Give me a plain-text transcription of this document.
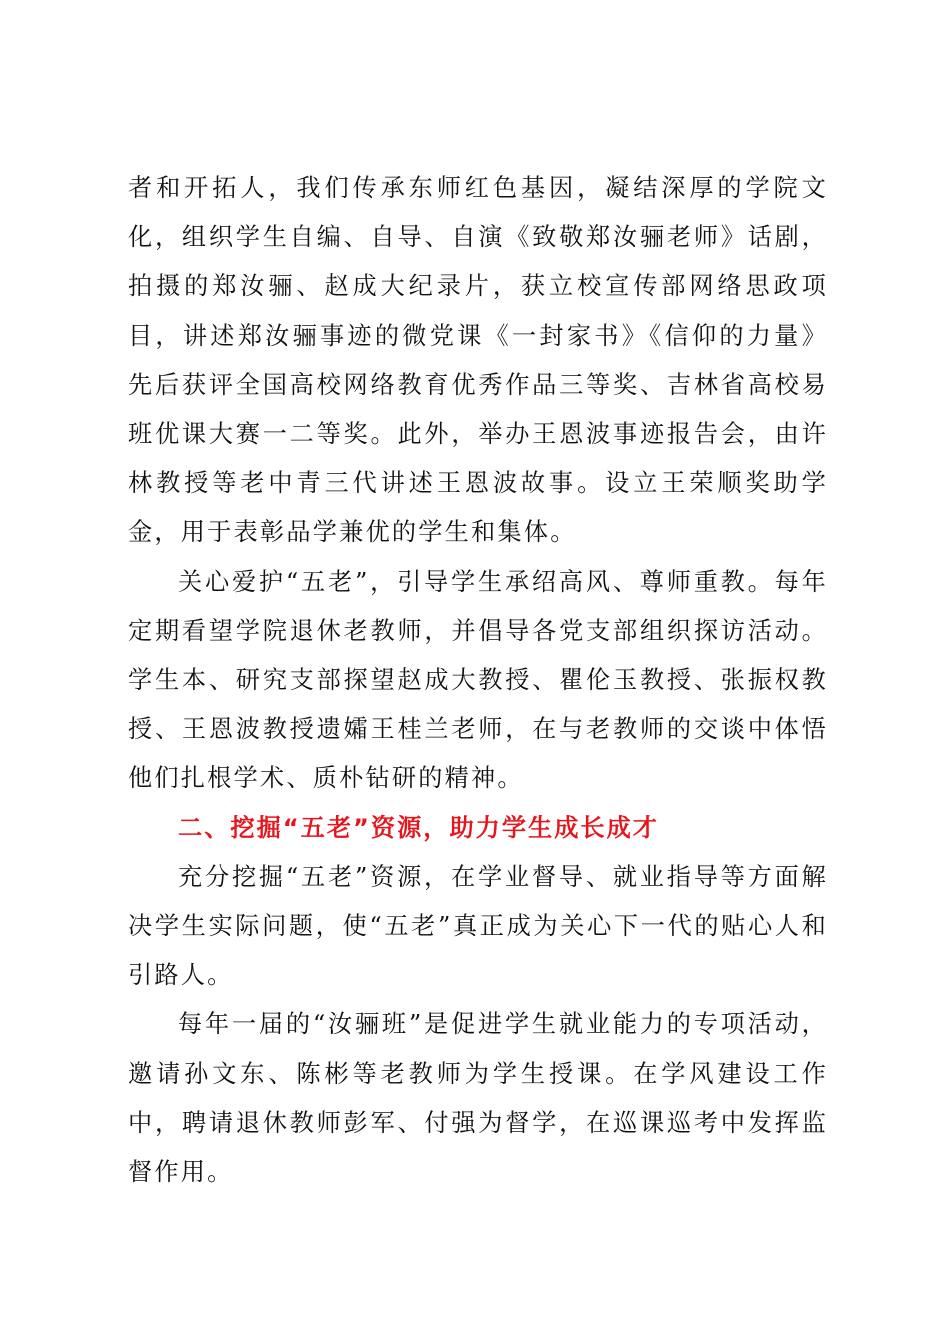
者和开拓人，我们传承东师红色基因，凝结深厚的学院文化，组织学生自编、自导、自演《致敬郑汝骊老师》话剧，拍摄的郑汝骊、赵成大纪录片，获立校宣传部网络思政项目，讲述郑汝骊事迹的微党课《一封家书》《信仰的力量》先后获评全国高校网络教育优秀作品三等奖、吉林省高校易班优课大赛一二等奖。此外，举办王恩波事迹报告会，由许林教授等老中青三代讲述王恩波故事。设立王荣顺奖助学金，用于表彰品学兼优的学生和集体。

关心爱护“五老”，引导学生承绍高风、尊师重教。每年定期看望学院退休老教师，并倡导各党支部组织探访活动。学生本、研究支部探望赵成大教授、瞿伦玉教授、张振权教授、王恩波教授遗孀王桂兰老师，在与老教师的交谈中体悟他们扎根学术、质朴钻研的精神。

二、挖掘“五老”资源，助力学生成长成才

充分挖掘“五老”资源，在学业督导、就业指导等方面解决学生实际问题，使“五老”真正成为关心下一代的贴心人和引路人。

每年一届的“汝骊班”是促进学生就业能力的专项活动，邀请孙文东、陈彬等老教师为学生授课。在学风建设工作中，聘请退休教师彭军、付强为督学，在巡课巡考中发挥监督作用。
